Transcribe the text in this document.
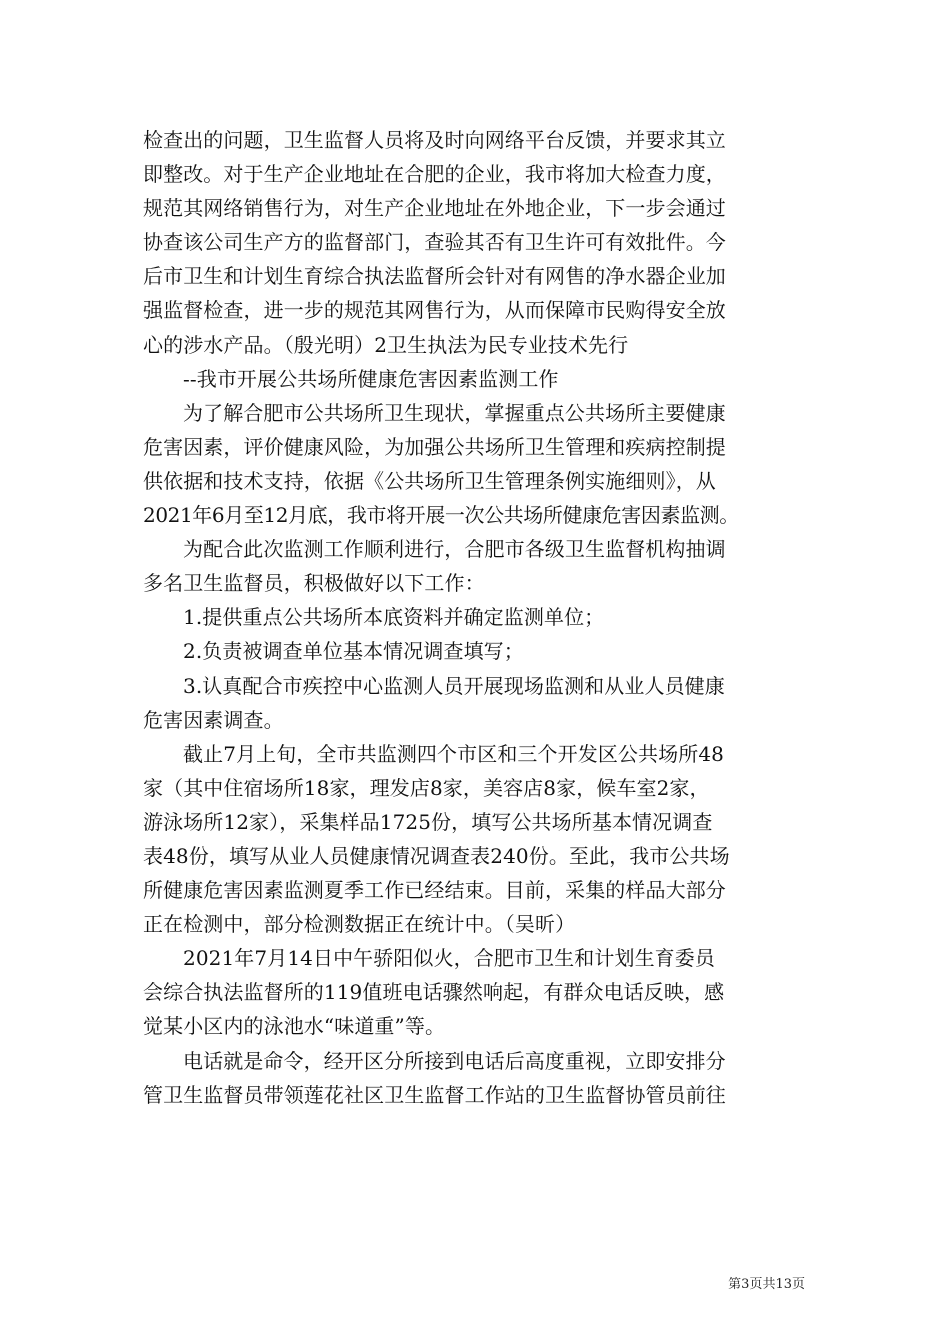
检查出的问题，卫生监督人员将及时向网络平台反馈，并要求其立
即整改。对于生产企业地址在合肥的企业，我市将加大检查力度，
规范其网络销售行为，对生产企业地址在外地企业，下一步会通过
协查该公司生产方的监督部门，查验其否有卫生许可有效批件。今
后市卫生和计划生育综合执法监督所会针对有网售的净水器企业加
强监督检查，进一步的规范其网售行为，从而保障市民购得安全放
心的涉水产品。（殷光明）2卫生执法为民专业技术先行
--我市开展公共场所健康危害因素监测工作
为了解合肥市公共场所卫生现状，掌握重点公共场所主要健康
危害因素，评价健康风险，为加强公共场所卫生管理和疾病控制提
供依据和技术支持，依据《公共场所卫生管理条例实施细则》，从
2021年6月至12月底，我市将开展一次公共场所健康危害因素监测。
为配合此次监测工作顺利进行，合肥市各级卫生监督机构抽调
多名卫生监督员，积极做好以下工作：
1.提供重点公共场所本底资料并确定监测单位；
2.负责被调查单位基本情况调查填写；
3.认真配合市疾控中心监测人员开展现场监测和从业人员健康
危害因素调查。
截止7月上旬，全市共监测四个市区和三个开发区公共场所48
家（其中住宿场所18家，理发店8家，美容店8家，候车室2家，
游泳场所12家），采集样品1725份，填写公共场所基本情况调查
表48份，填写从业人员健康情况调查表240份。至此，我市公共场
所健康危害因素监测夏季工作已经结束。目前，采集的样品大部分
正在检测中，部分检测数据正在统计中。（吴昕）
2021年7月14日中午骄阳似火，合肥市卫生和计划生育委员
会综合执法监督所的119值班电话骤然响起，有群众电话反映，感
觉某小区内的泳池水“味道重”等。
电话就是命令，经开区分所接到电话后高度重视，立即安排分
管卫生监督员带领莲花社区卫生监督工作站的卫生监督协管员前往
第3页共13页
